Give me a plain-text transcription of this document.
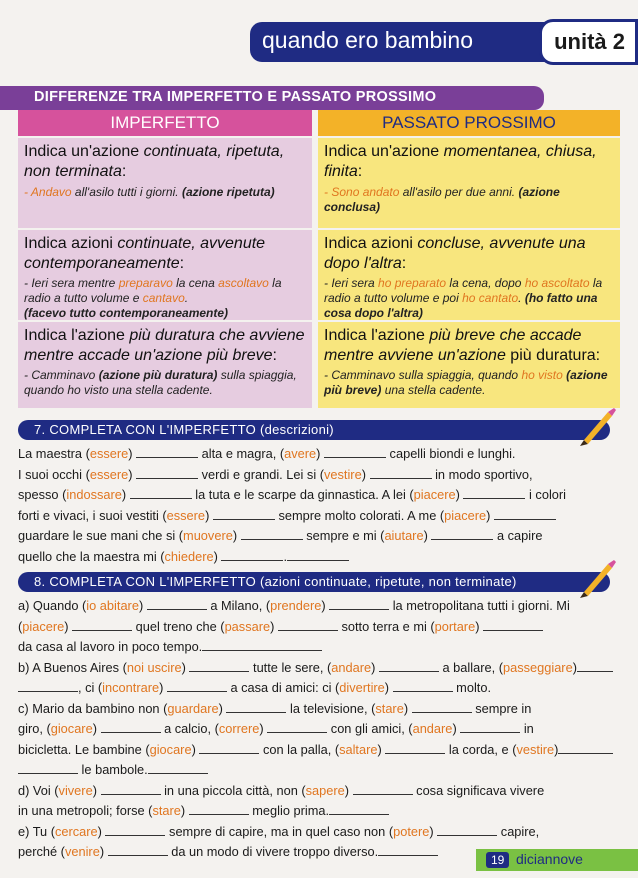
quando ero bambino	unità 2
DIFFERENZE TRA IMPERFETTO E PASSATO PROSSIMO
IMPERFETTO	PASSATO PROSSIMO
Indica un'azione continuata, ripetuta, non terminata:
- Andavo all'asilo tutti i giorni. (azione ripetuta)
Indica un'azione momentanea, chiusa, finita:
- Sono andato all'asilo per due anni. (azione conclusa)
Indica azioni continuate, avvenute contemporaneamente:
- Ieri sera mentre preparavo la cena ascoltavo la radio a tutto volume e cantavo.
(facevo tutto contemporaneamente)
Indica azioni concluse, avvenute una dopo l'altra:
- Ieri sera ho preparato la cena, dopo ho ascoltato la radio a tutto volume e poi ho cantato. (ho fatto una cosa dopo l'altra)
Indica l'azione più duratura che avviene mentre accade un'azione più breve:
- Camminavo (azione più duratura) sulla spiaggia, quando ho visto una stella cadente.
Indica l'azione più breve che accade mentre avviene un'azione più duratura:
- Camminavo sulla spiaggia, quando ho visto (azione più breve) una stella cadente.
7. COMPLETA CON L'IMPERFETTO (descrizioni)
La maestra (essere)	alta e magra, (avere)	capelli biondi e lunghi.
I suoi occhi (essere)	verdi e grandi. Lei si (vestire)	in modo sportivo,
spesso (indossare)	la tuta e le scarpe da ginnastica. A lei (piacere)	i colori
forti e vivaci, i suoi vestiti (essere)	sempre molto colorati. A me (piacere)
guardare le sue mani che si (muovere)	sempre e mi (aiutare)	a capire
quello che la maestra mi (chiedere)	.
8. COMPLETA CON L'IMPERFETTO (azioni continuate, ripetute, non terminate)
a) Quando (io abitare)	a Milano, (prendere)	la metropolitana tutti i giorni. Mi
(piacere)	quel treno che (passare)	sotto terra e mi (portare)
da casa al lavoro in poco tempo.
b) A Buenos Aires (noi uscire)	tutte le sere, (andare)	a ballare, (passeggiare)
, ci (incontrare)	a casa di amici: ci (divertire)	molto.
c) Mario da bambino non (guardare)	la televisione, (stare)	sempre in
giro, (giocare)	a calcio, (correre)	con gli amici, (andare)	in
bicicletta. Le bambine (giocare)	con la palla, (saltare)	la corda, e (vestire)
le bambole.
d) Voi (vivere)	in una piccola città, non (sapere)	cosa significava vivere
in una metropoli; forse (stare)	meglio prima.
e) Tu (cercare)	sempre di capire, ma in quel caso non (potere)	capire,
perché (venire)	da un modo di vivere troppo diverso.
19 diciannove
